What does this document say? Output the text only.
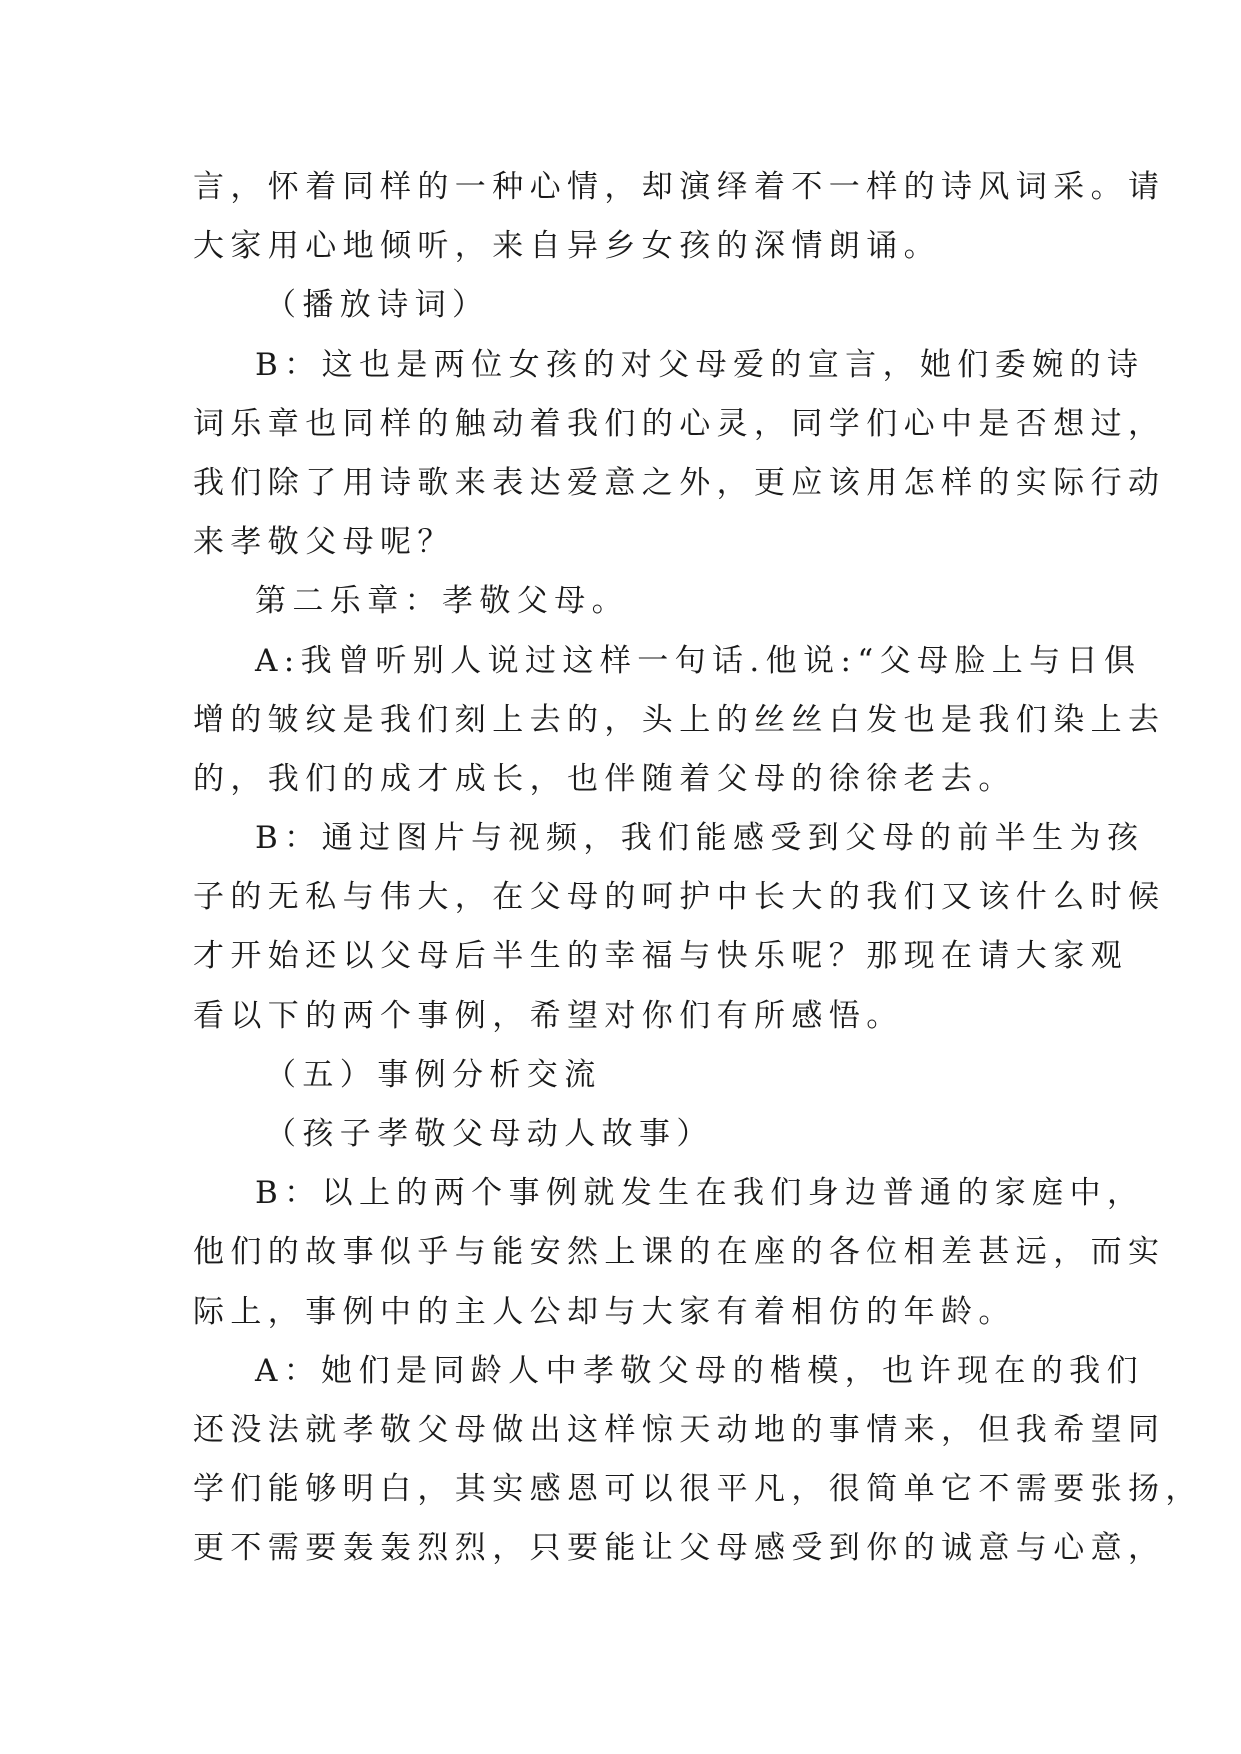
言，怀着同样的一种心情，却演绎着不一样的诗风词采。请
大家用心地倾听，来自异乡女孩的深情朗诵。
（播放诗词）
B：这也是两位女孩的对父母爱的宣言，她们委婉的诗
词乐章也同样的触动着我们的心灵，同学们心中是否想过，
我们除了用诗歌来表达爱意之外，更应该用怎样的实际行动
来孝敬父母呢？
第二乐章：孝敬父母。
A:我曾听别人说过这样一句话.他说:“父母脸上与日俱
增的皱纹是我们刻上去的，头上的丝丝白发也是我们染上去
的，我们的成才成长，也伴随着父母的徐徐老去。
B：通过图片与视频，我们能感受到父母的前半生为孩
子的无私与伟大，在父母的呵护中长大的我们又该什么时候
才开始还以父母后半生的幸福与快乐呢？那现在请大家观
看以下的两个事例，希望对你们有所感悟。
（五）事例分析交流
（孩子孝敬父母动人故事）
B：以上的两个事例就发生在我们身边普通的家庭中，
他们的故事似乎与能安然上课的在座的各位相差甚远，而实
际上，事例中的主人公却与大家有着相仿的年龄。
A：她们是同龄人中孝敬父母的楷模，也许现在的我们
还没法就孝敬父母做出这样惊天动地的事情来，但我希望同
学们能够明白，其实感恩可以很平凡，很简单它不需要张扬，
更不需要轰轰烈烈，只要能让父母感受到你的诚意与心意，
